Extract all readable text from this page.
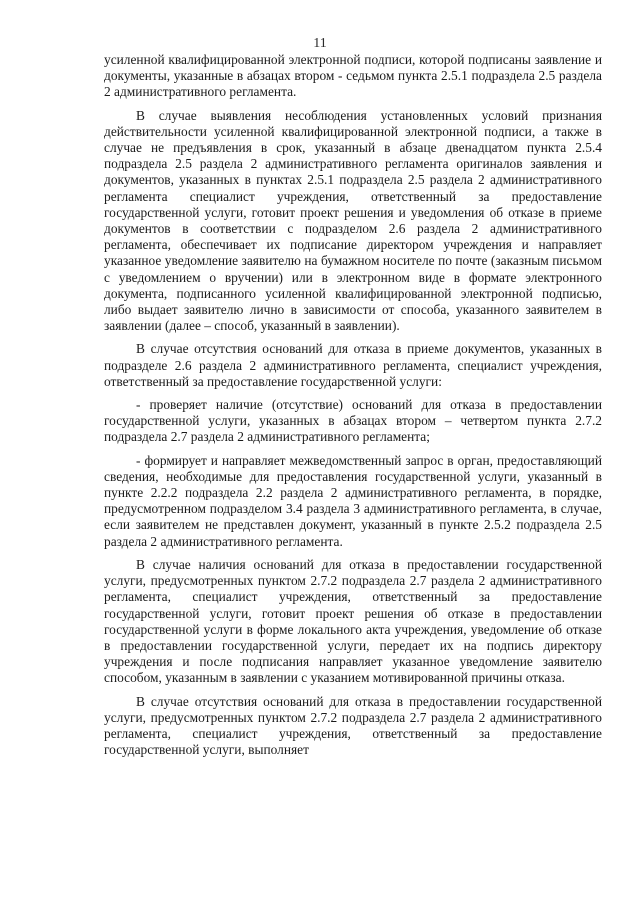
11

усиленной квалифицированной электронной подписи, которой подписаны заявление и документы, указанные в абзацах втором - седьмом пункта 2.5.1 подраздела 2.5 раздела 2 административного регламента.

В случае выявления несоблюдения установленных условий признания действительности усиленной квалифицированной электронной подписи, а также в случае не предъявления в срок, указанный в абзаце двенадцатом пункта 2.5.4 подраздела 2.5 раздела 2 административного регламента оригиналов заявления и документов, указанных в пунктах 2.5.1 подраздела 2.5 раздела 2 административного регламента специалист учреждения, ответственный за предоставление государственной услуги, готовит проект решения и уведомления об отказе в приеме документов в соответствии с подразделом 2.6 раздела 2 административного регламента, обеспечивает их подписание директором учреждения и направляет указанное уведомление заявителю на бумажном носителе по почте (заказным письмом с уведомлением о вручении) или в электронном виде в формате электронного документа, подписанного усиленной квалифицированной электронной подписью, либо выдает заявителю лично в зависимости от способа, указанного заявителем в заявлении (далее – способ, указанный в заявлении).

В случае отсутствия оснований для отказа в приеме документов, указанных в подразделе 2.6 раздела 2 административного регламента, специалист учреждения, ответственный за предоставление государственной услуги:

- проверяет наличие (отсутствие) оснований для отказа в предоставлении государственной услуги, указанных в абзацах втором – четвертом пункта 2.7.2 подраздела 2.7 раздела 2 административного регламента;

- формирует и направляет межведомственный запрос в орган, предоставляющий сведения, необходимые для предоставления государственной услуги, указанный в пункте 2.2.2 подраздела 2.2 раздела 2 административного регламента, в порядке, предусмотренном подразделом 3.4 раздела 3 административного регламента, в случае, если заявителем не представлен документ, указанный в пункте 2.5.2 подраздела 2.5 раздела 2 административного регламента.

В случае наличия оснований для отказа в предоставлении государственной услуги, предусмотренных пунктом 2.7.2 подраздела 2.7 раздела 2 административного регламента, специалист учреждения, ответственный за предоставление государственной услуги, готовит проект решения об отказе в предоставлении государственной услуги в форме локального акта учреждения, уведомление об отказе в предоставлении государственной услуги, передает их на подпись директору учреждения и после подписания направляет указанное уведомление заявителю способом, указанным в заявлении с указанием мотивированной причины отказа.

В случае отсутствия оснований для отказа в предоставлении государственной услуги, предусмотренных пунктом 2.7.2 подраздела 2.7 раздела 2 административного регламента, специалист учреждения, ответственный за предоставление государственной услуги, выполняет
